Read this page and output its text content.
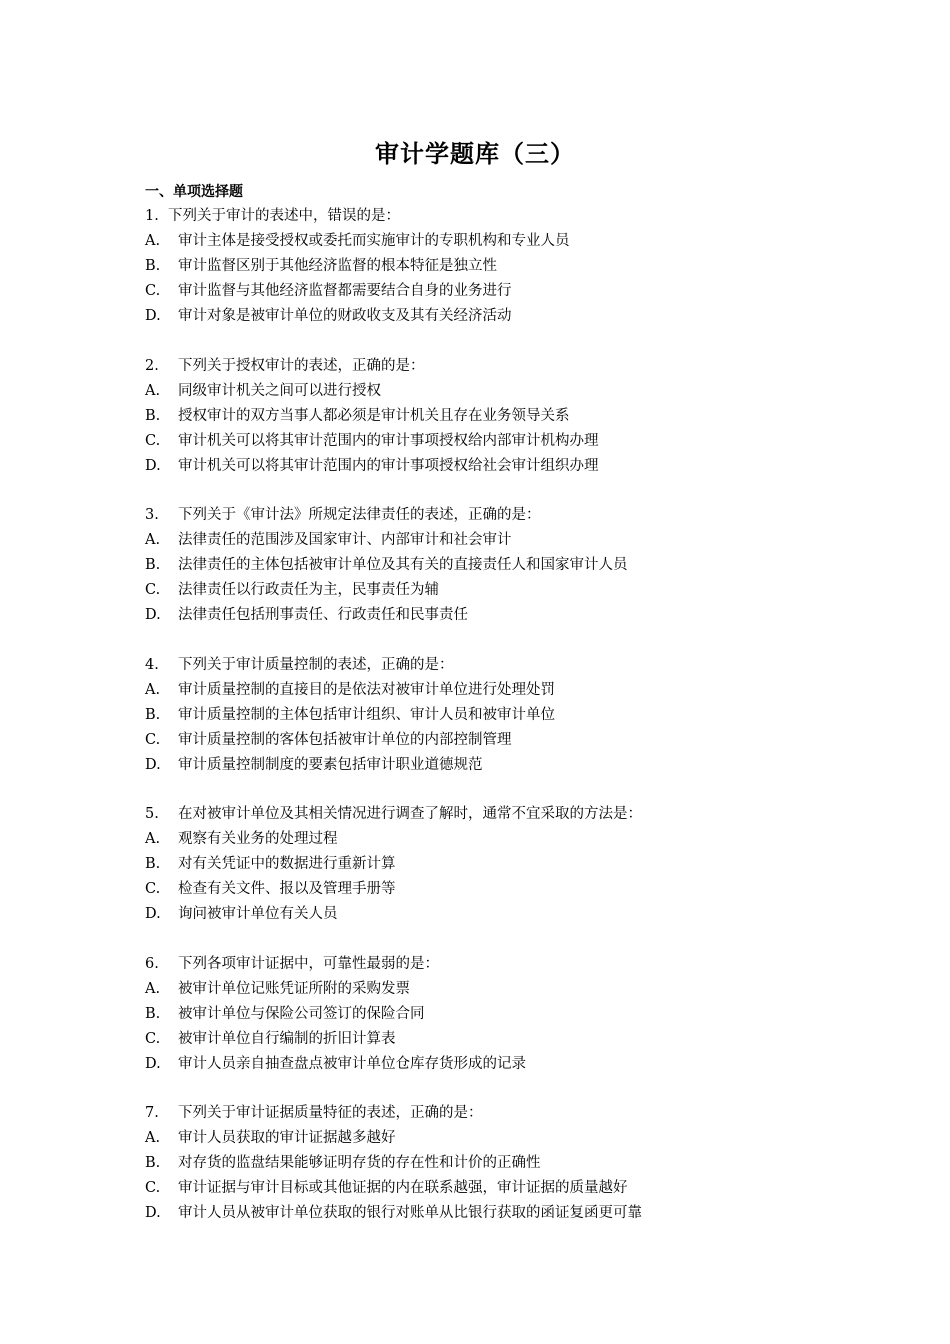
审计学题库（三）
一、单项选择题
1. 下列关于审计的表述中，错误的是：
A. 审计主体是接受授权或委托而实施审计的专职机构和专业人员
B. 审计监督区别于其他经济监督的根本特征是独立性
C. 审计监督与其他经济监督都需要结合自身的业务进行
D. 审计对象是被审计单位的财政收支及其有关经济活动
2. 下列关于授权审计的表述，正确的是：
A. 同级审计机关之间可以进行授权
B. 授权审计的双方当事人都必须是审计机关且存在业务领导关系
C. 审计机关可以将其审计范围内的审计事项授权给内部审计机构办理
D. 审计机关可以将其审计范围内的审计事项授权给社会审计组织办理
3. 下列关于《审计法》所规定法律责任的表述，正确的是：
A. 法律责任的范围涉及国家审计、内部审计和社会审计
B. 法律责任的主体包括被审计单位及其有关的直接责任人和国家审计人员
C. 法律责任以行政责任为主，民事责任为辅
D. 法律责任包括刑事责任、行政责任和民事责任
4. 下列关于审计质量控制的表述，正确的是：
A. 审计质量控制的直接目的是依法对被审计单位进行处理处罚
B. 审计质量控制的主体包括审计组织、审计人员和被审计单位
C. 审计质量控制的客体包括被审计单位的内部控制管理
D. 审计质量控制制度的要素包括审计职业道德规范
5. 在对被审计单位及其相关情况进行调查了解时，通常不宜采取的方法是：
A. 观察有关业务的处理过程
B. 对有关凭证中的数据进行重新计算
C. 检查有关文件、报以及管理手册等
D. 询问被审计单位有关人员
6. 下列各项审计证据中，可靠性最弱的是：
A. 被审计单位记账凭证所附的采购发票
B. 被审计单位与保险公司签订的保险合同
C. 被审计单位自行编制的折旧计算表
D. 审计人员亲自抽查盘点被审计单位仓库存货形成的记录
7. 下列关于审计证据质量特征的表述，正确的是：
A. 审计人员获取的审计证据越多越好
B. 对存货的监盘结果能够证明存货的存在性和计价的正确性
C. 审计证据与审计目标或其他证据的内在联系越强，审计证据的质量越好
D. 审计人员从被审计单位获取的银行对账单从比银行获取的函证复函更可靠
